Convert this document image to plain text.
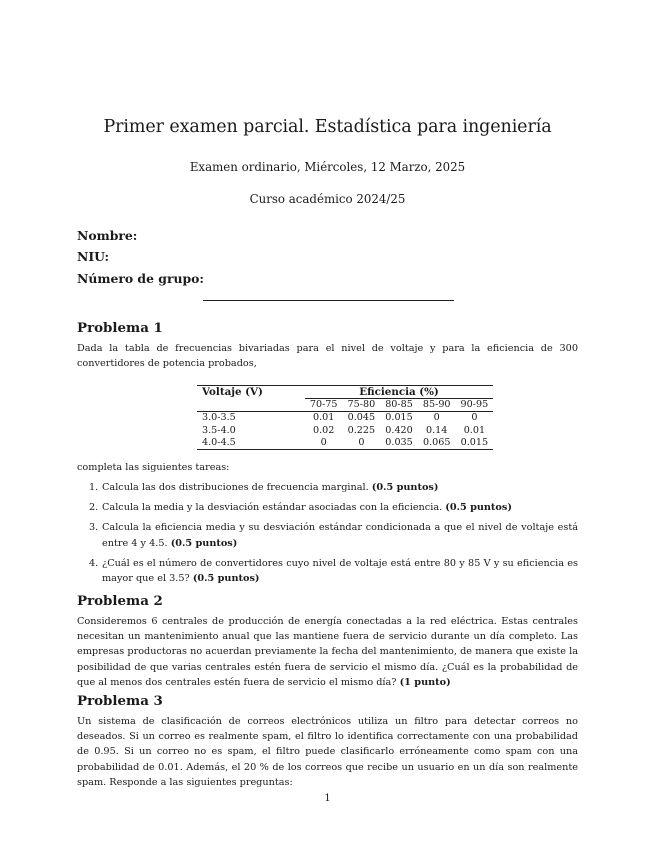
Primer examen parcial. Estadística para ingeniería
Examen ordinario, Miércoles, 12 Marzo, 2025
Curso académico 2024/25
Nombre:
NIU:
Número de grupo:
Problema 1
Dada la tabla de frecuencias bivariadas para el nivel de voltaje y para la eficiencia de 300 convertidores de potencia probados,
Voltaje (V)	Eficiencia (%)				
	70-75	75-80	80-85	85-90	90-95
3.0-3.5	0.01	0.045	0.015	0	0
3.5-4.0	0.02	0.225	0.420	0.14	0.01
4.0-4.5	0	0	0.035	0.065	0.015
completa las siguientes tareas:
1. Calcula las dos distribuciones de frecuencia marginal. (0.5 puntos)
2. Calcula la media y la desviación estándar asociadas con la eficiencia. (0.5 puntos)
3. Calcula la eficiencia media y su desviación estándar condicionada a que el nivel de voltaje está entre 4 y 4.5. (0.5 puntos)
4. ¿Cuál es el número de convertidores cuyo nivel de voltaje está entre 80 y 85 V y su eficiencia es mayor que el 3.5? (0.5 puntos)
Problema 2
Consideremos 6 centrales de producción de energía conectadas a la red eléctrica. Estas centrales necesitan un mantenimiento anual que las mantiene fuera de servicio durante un día completo. Las empresas productoras no acuerdan previamente la fecha del mantenimiento, de manera que existe la posibilidad de que varias centrales estén fuera de servicio el mismo día. ¿Cuál es la probabilidad de que al menos dos centrales estén fuera de servicio el mismo día? (1 punto)
Problema 3
Un sistema de clasificación de correos electrónicos utiliza un filtro para detectar correos no deseados. Si un correo es realmente spam, el filtro lo identifica correctamente con una probabilidad de 0.95. Si un correo no es spam, el filtro puede clasificarlo erróneamente como spam con una probabilidad de 0.01. Además, el 20 % de los correos que recibe un usuario en un día son realmente spam. Responde a las siguientes preguntas:
1
